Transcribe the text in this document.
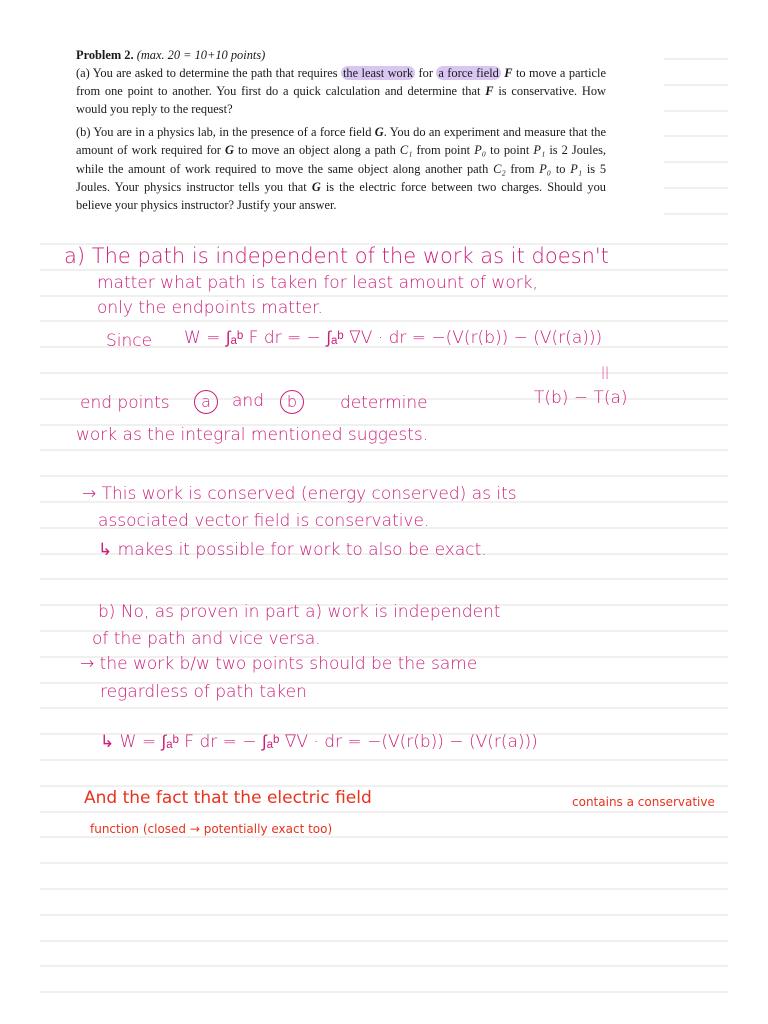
Problem 2. (max. 20 = 10+10 points)
(a) You are asked to determine the path that requires the least work for a force field F to move a particle from one point to another. You first do a quick calculation and determine that F is conservative. How would you reply to the request?

(b) You are in a physics lab, in the presence of a force field G. You do an experiment and measure that the amount of work required for G to move an object along a path C₁ from point P₀ to point P₁ is 2 Joules, while the amount of work required to move the same object along another path C₂ from P₀ to P₁ is 5 Joules. Your physics instructor tells you that G is the electric force between two charges. Should you believe your physics instructor? Justify your answer.

a) The path is independent of the work as it doesn't
matter what path is taken for least amount of work,
only the endpoints matter.
Since W = ∫ₐᵇ F dr = − ∫ₐᵇ ∇V · dr = −(V(r(b)) − (V(r(a)))
||
end points	a	and	b	determine	T(b) − T(a)
work as the integral mentioned suggests.
→ This work is conserved (energy conserved) as its
associated vector field is conservative.
↳ makes it possible for work to also be exact.
b) No, as proven in part a) work is independent
of the path and vice versa.
→ the work b/w two points should be the same
regardless of path taken
↳ W = ∫ₐᵇ F dr = − ∫ₐᵇ ∇V · dr = −(V(r(b)) − (V(r(a)))
And the fact that the electric field	contains a conservative
function (closed → potentially exact too)
